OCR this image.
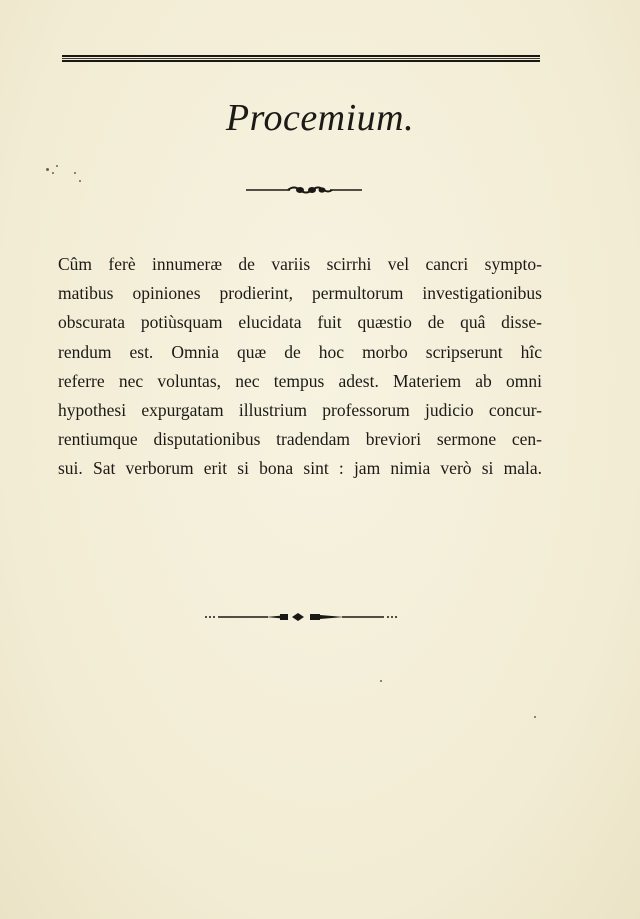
Procemium.

Cûm ferè innumeræ de variis scirrhi vel cancri sympto-
matibus opiniones prodierint, permultorum investigationibus
obscurata potiùsquam elucidata fuit quæstio de quâ disse-
rendum est. Omnia quæ de hoc morbo scripserunt hîc
referre nec voluntas, nec tempus adest. Materiem ab omni
hypothesi expurgatam illustrium professorum judicio concur-
rentiumque disputationibus tradendam breviori sermone cen-
sui. Sat verborum erit si bona sint : jam nimia verò si mala.
